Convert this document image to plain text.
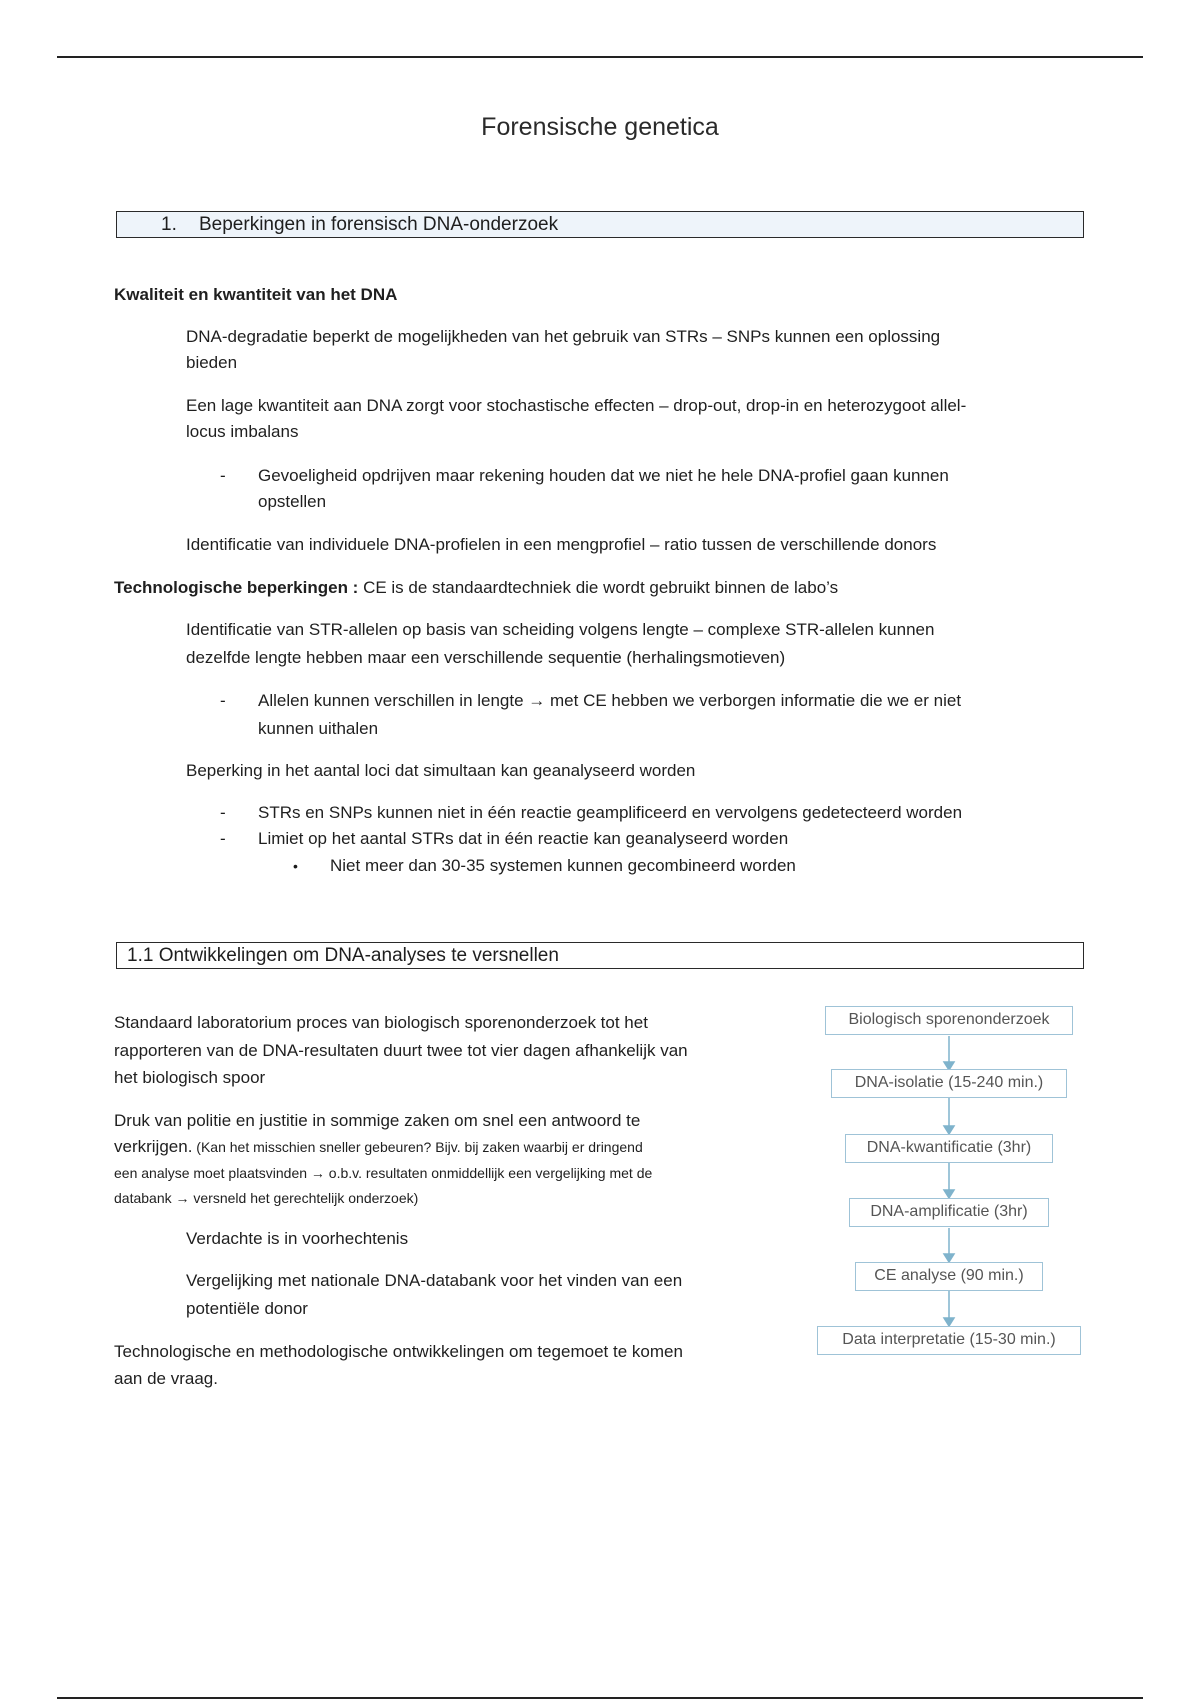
Forensische genetica
1. Beperkingen in forensisch DNA-onderzoek
Kwaliteit en kwantiteit van het DNA
DNA-degradatie beperkt de mogelijkheden van het gebruik van STRs – SNPs kunnen een oplossing
bieden
Een lage kwantiteit aan DNA zorgt voor stochastische effecten – drop-out, drop-in en heterozygoot allel-
locus imbalans
- Gevoeligheid opdrijven maar rekening houden dat we niet he hele DNA-profiel gaan kunnen
opstellen
Identificatie van individuele DNA-profielen in een mengprofiel – ratio tussen de verschillende donors
Technologische beperkingen : CE is de standaardtechniek die wordt gebruikt binnen de labo’s
Identificatie van STR-allelen op basis van scheiding volgens lengte – complexe STR-allelen kunnen
dezelfde lengte hebben maar een verschillende sequentie (herhalingsmotieven)
- Allelen kunnen verschillen in lengte → met CE hebben we verborgen informatie die we er niet
kunnen uithalen
Beperking in het aantal loci dat simultaan kan geanalyseerd worden
- STRs en SNPs kunnen niet in één reactie geamplificeerd en vervolgens gedetecteerd worden
- Limiet op het aantal STRs dat in één reactie kan geanalyseerd worden
• Niet meer dan 30-35 systemen kunnen gecombineerd worden
1.1 Ontwikkelingen om DNA-analyses te versnellen
Standaard laboratorium proces van biologisch sporenonderzoek tot het
rapporteren van de DNA-resultaten duurt twee tot vier dagen afhankelijk van
het biologisch spoor
Druk van politie en justitie in sommige zaken om snel een antwoord te
verkrijgen. (Kan het misschien sneller gebeuren? Bijv. bij zaken waarbij er dringend
een analyse moet plaatsvinden → o.b.v. resultaten onmiddellijk een vergelijking met de
databank → versneld het gerechtelijk onderzoek)
Verdachte is in voorhechtenis
Vergelijking met nationale DNA-databank voor het vinden van een
potentiële donor
Technologische en methodologische ontwikkelingen om tegemoet te komen
aan de vraag.
Biologisch sporenonderzoek
DNA-isolatie (15-240 min.)
DNA-kwantificatie (3hr)
DNA-amplificatie (3hr)
CE analyse (90 min.)
Data interpretatie (15-30 min.)
